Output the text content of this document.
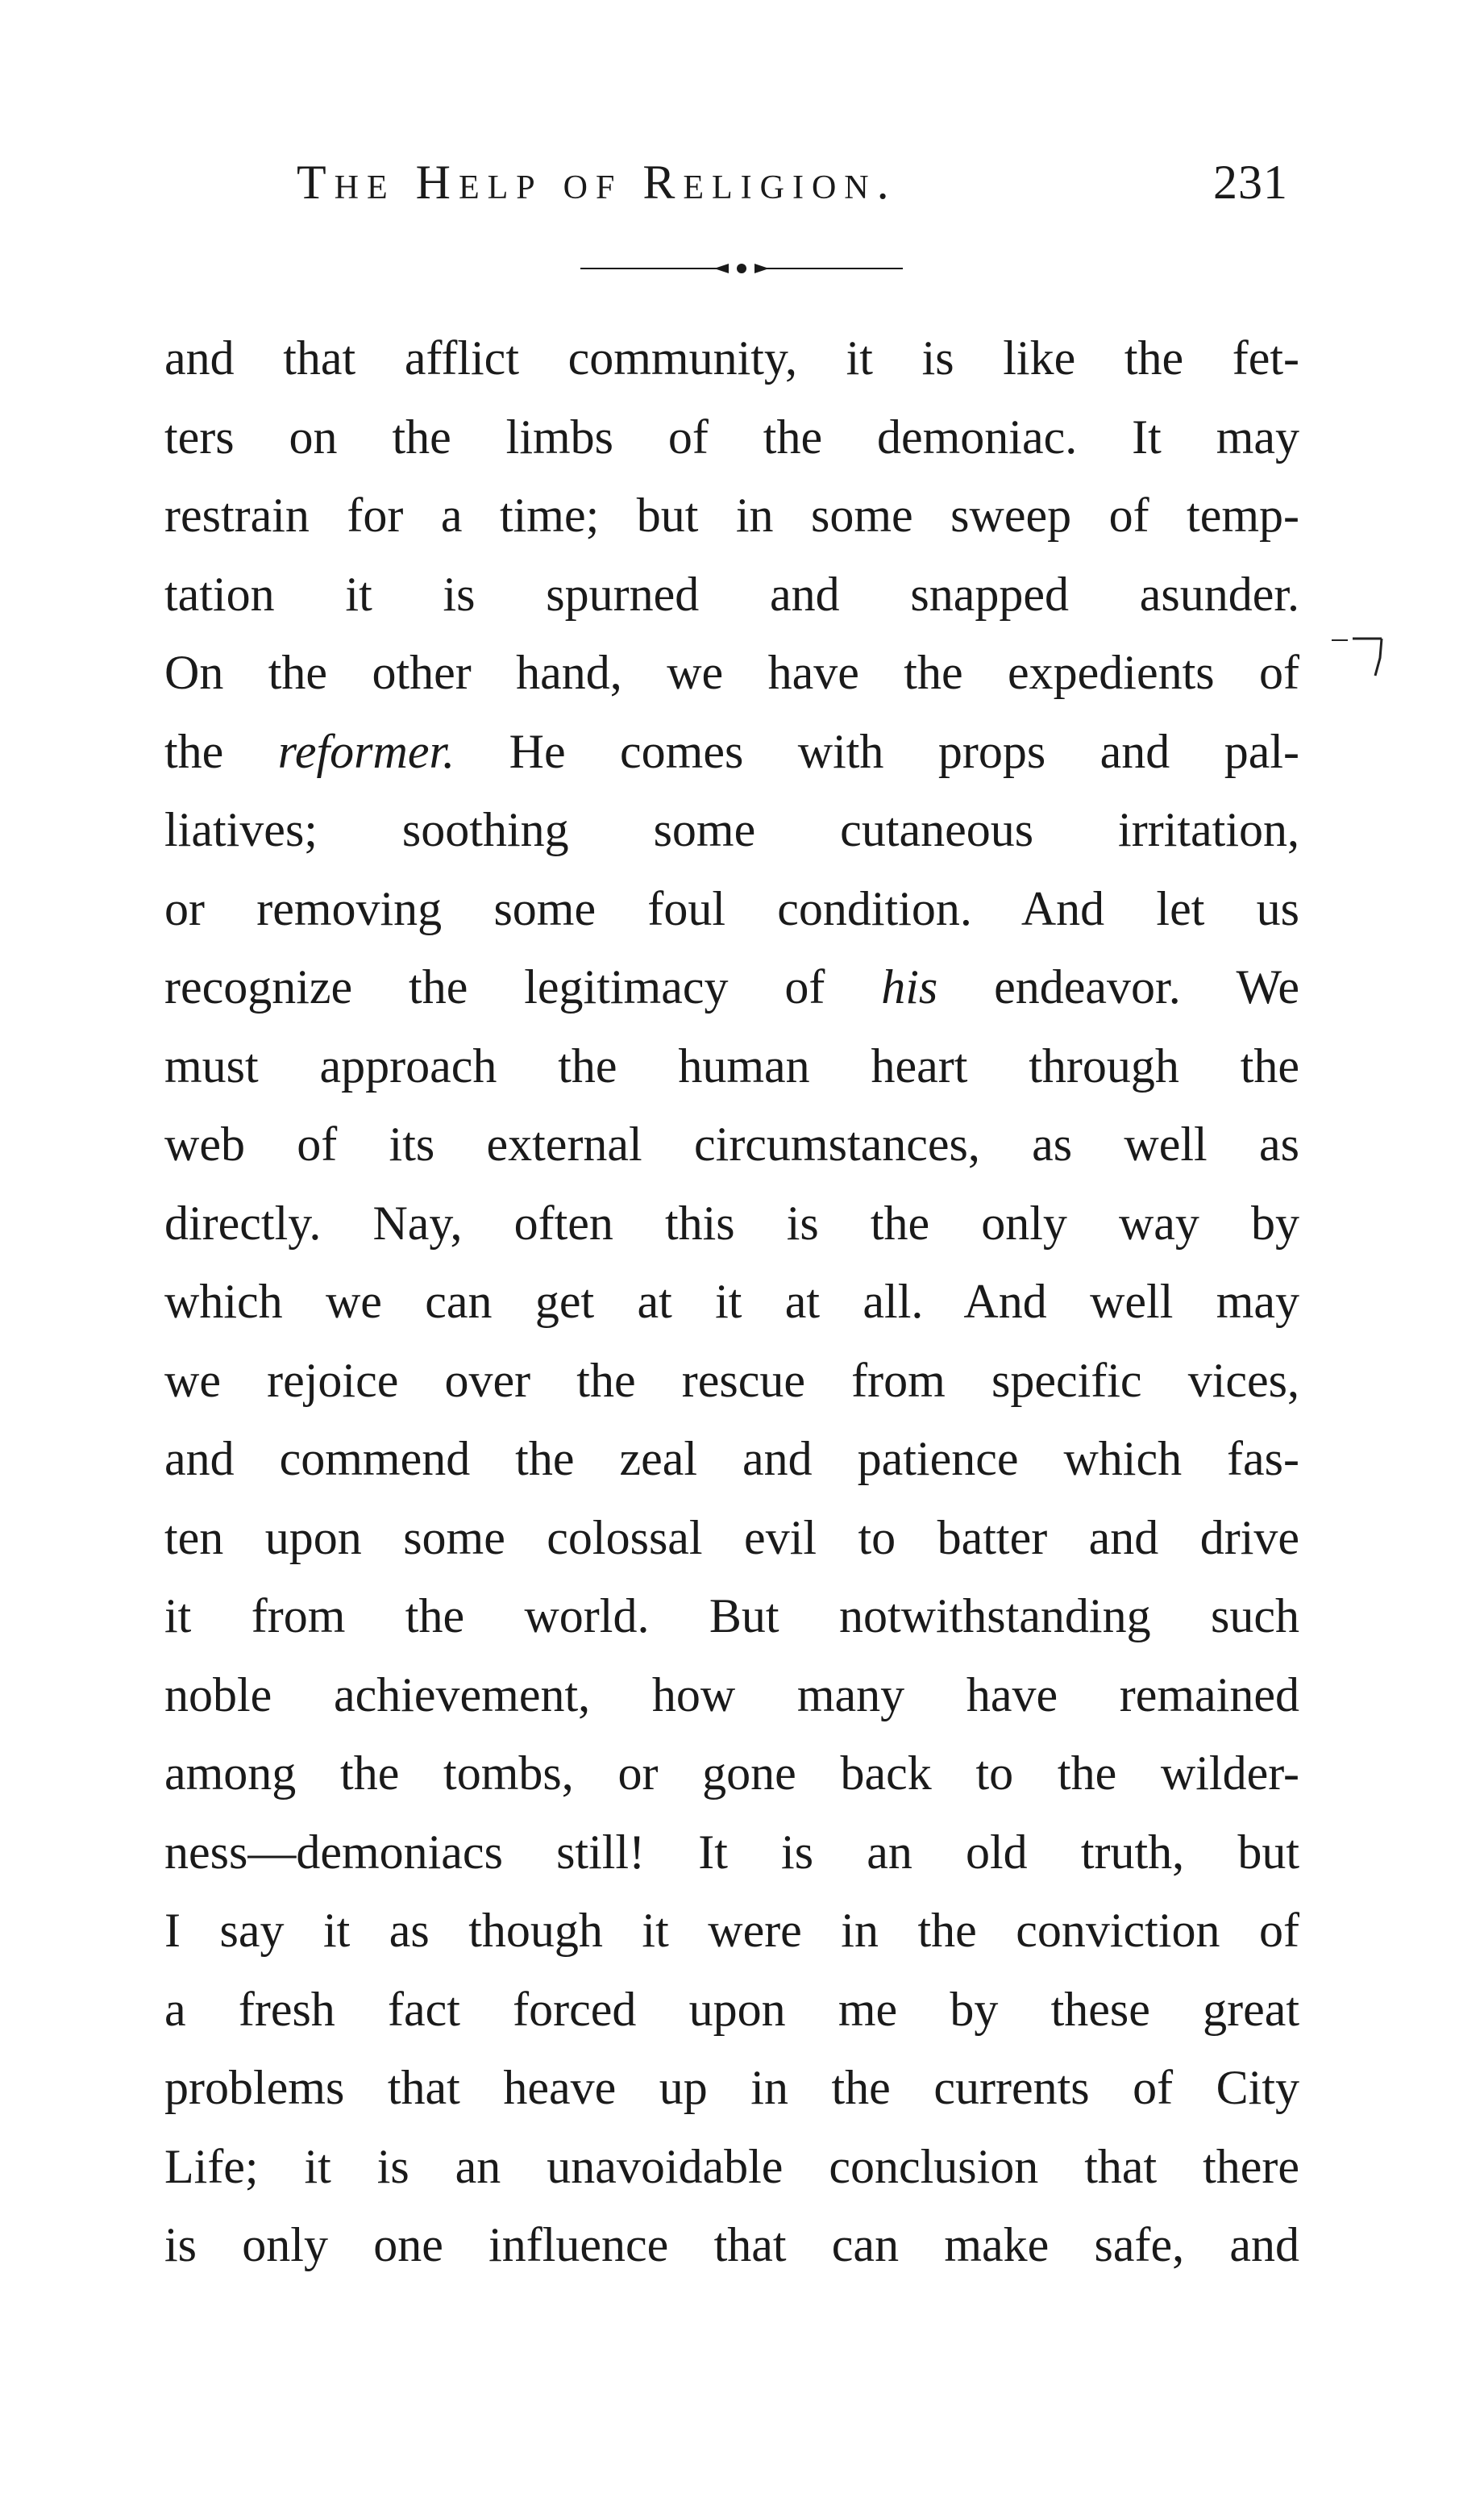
The Help of Religion.	231
and that afflict community, it is like the fet-
ters on the limbs of the demoniac. It may
restrain for a time; but in some sweep of temp-
tation it is spurned and snapped asunder.
On the other hand, we have the expedients of
the reformer. He comes with props and pal-
liatives; soothing some cutaneous irritation,
or removing some foul condition. And let us
recognize the legitimacy of his endeavor. We
must approach the human heart through the
web of its external circumstances, as well as
directly. Nay, often this is the only way by
which we can get at it at all. And well may
we rejoice over the rescue from specific vices,
and commend the zeal and patience which fas-
ten upon some colossal evil to batter and drive
it from the world. But notwithstanding such
noble achievement, how many have remained
among the tombs, or gone back to the wilder-
ness—demoniacs still! It is an old truth, but
I say it as though it were in the conviction of
a fresh fact forced upon me by these great
problems that heave up in the currents of City
Life; it is an unavoidable conclusion that there
is only one influence that can make safe, and
